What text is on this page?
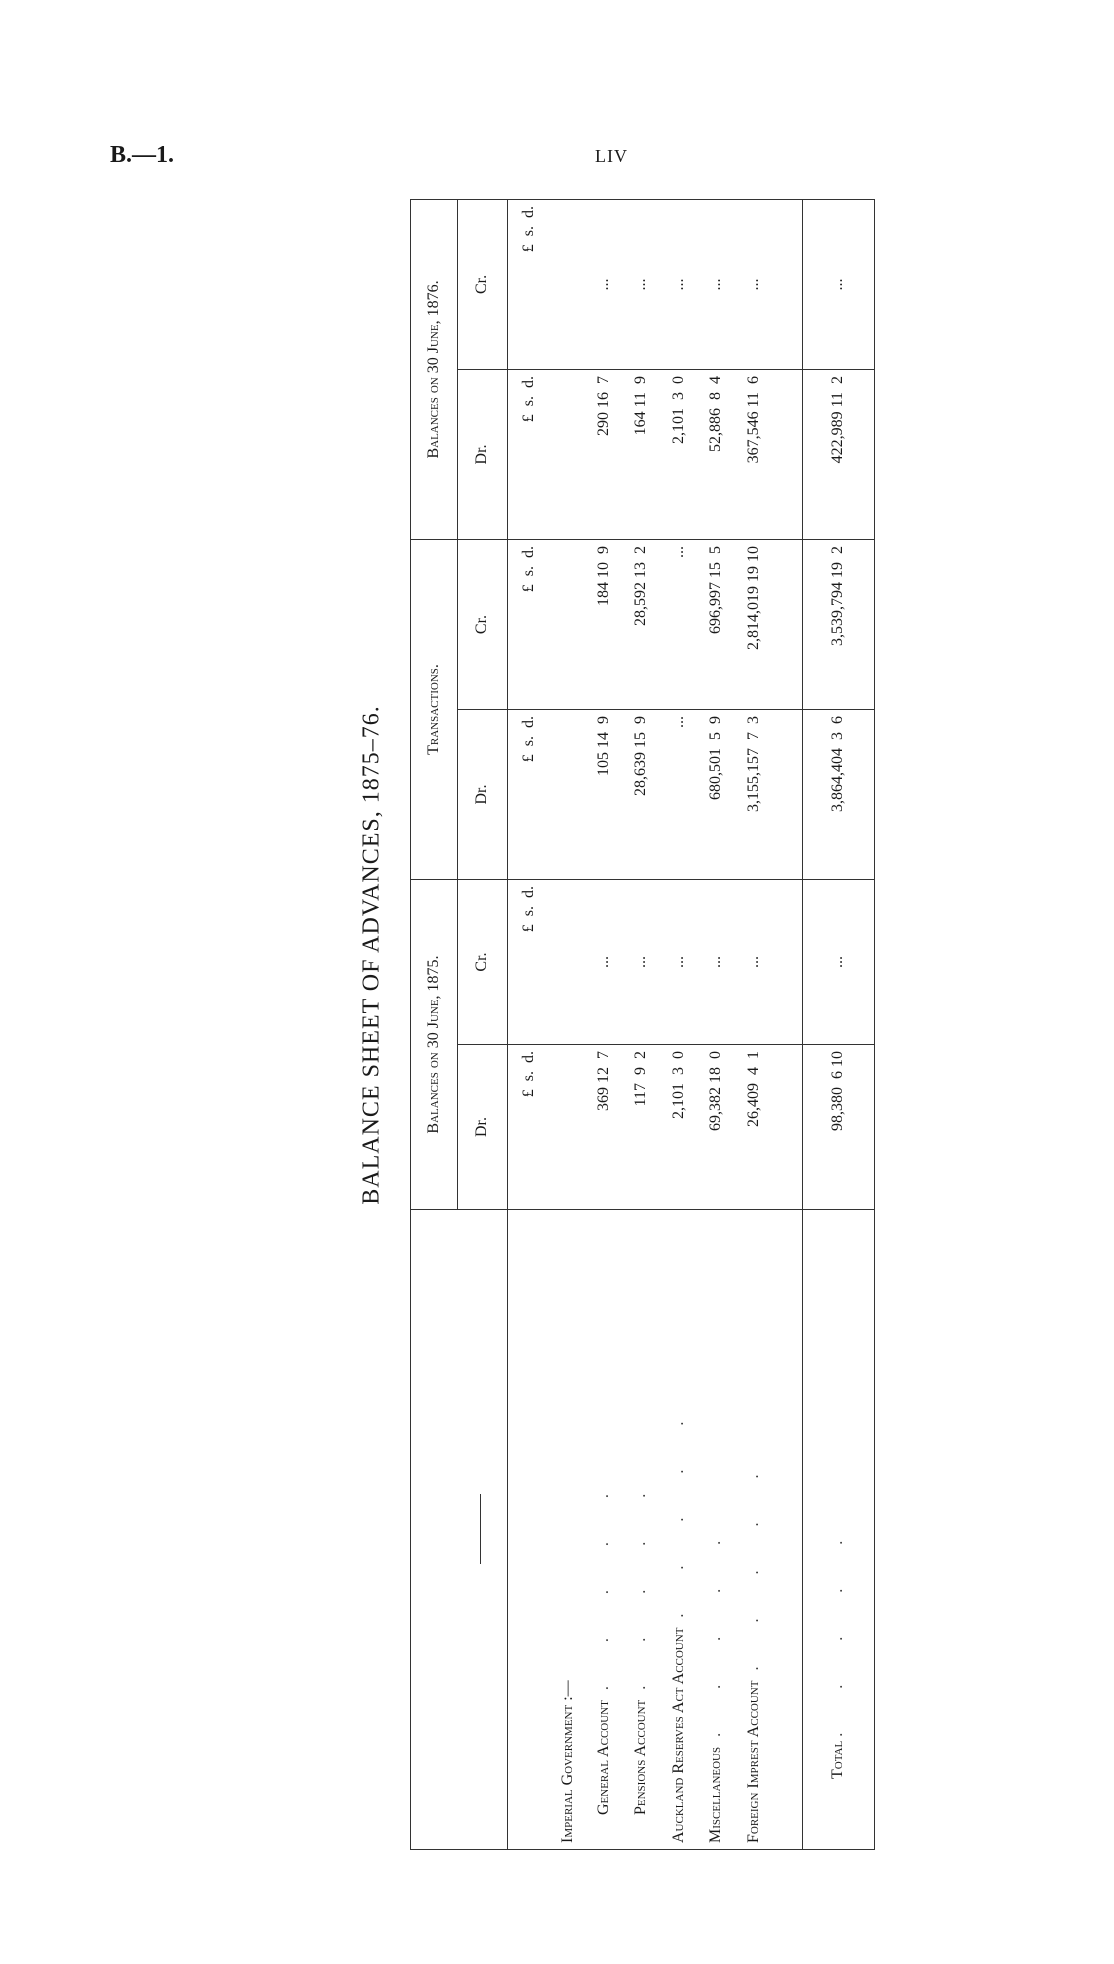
B.—1.	LIV
BALANCE SHEET OF ADVANCES, 1875–76.
		Balances on 30 June, 1875.		Transactions.		Balances on 30 June, 1876.	
	Dr.	Cr.	Dr.	Cr.	Dr.	Cr.
	£  s.  d.	£  s.  d.	£  s.  d.	£  s.  d.	£  s.  d.	£  s.  d.
Imperial Government :—						
General Account. . . . .	369 12  7	...	105 14  9	184 10  9	290 16  7	...
Pensions Account. . . . .	117  9  2	...	28,639 15  9	28,592 13  2	164 11  9	...
Auckland Reserves Act Account. . . . .	2,101  3  0	...	...	...	2,101  3  0	...
Miscellaneous. . . . .	69,382 18  0	...	680,501  5  9	696,997 15  5	52,886  8  4	...
Foreign Imprest Account. . . . .	26,409  4  1	...	3,155,157  7  3	2,814,019 19 10	367,546 11  6	...

Total . . . . .	98,380  6 10	...	3,864,404  3  6	3,539,794 19  2	422,989 11  2	...
